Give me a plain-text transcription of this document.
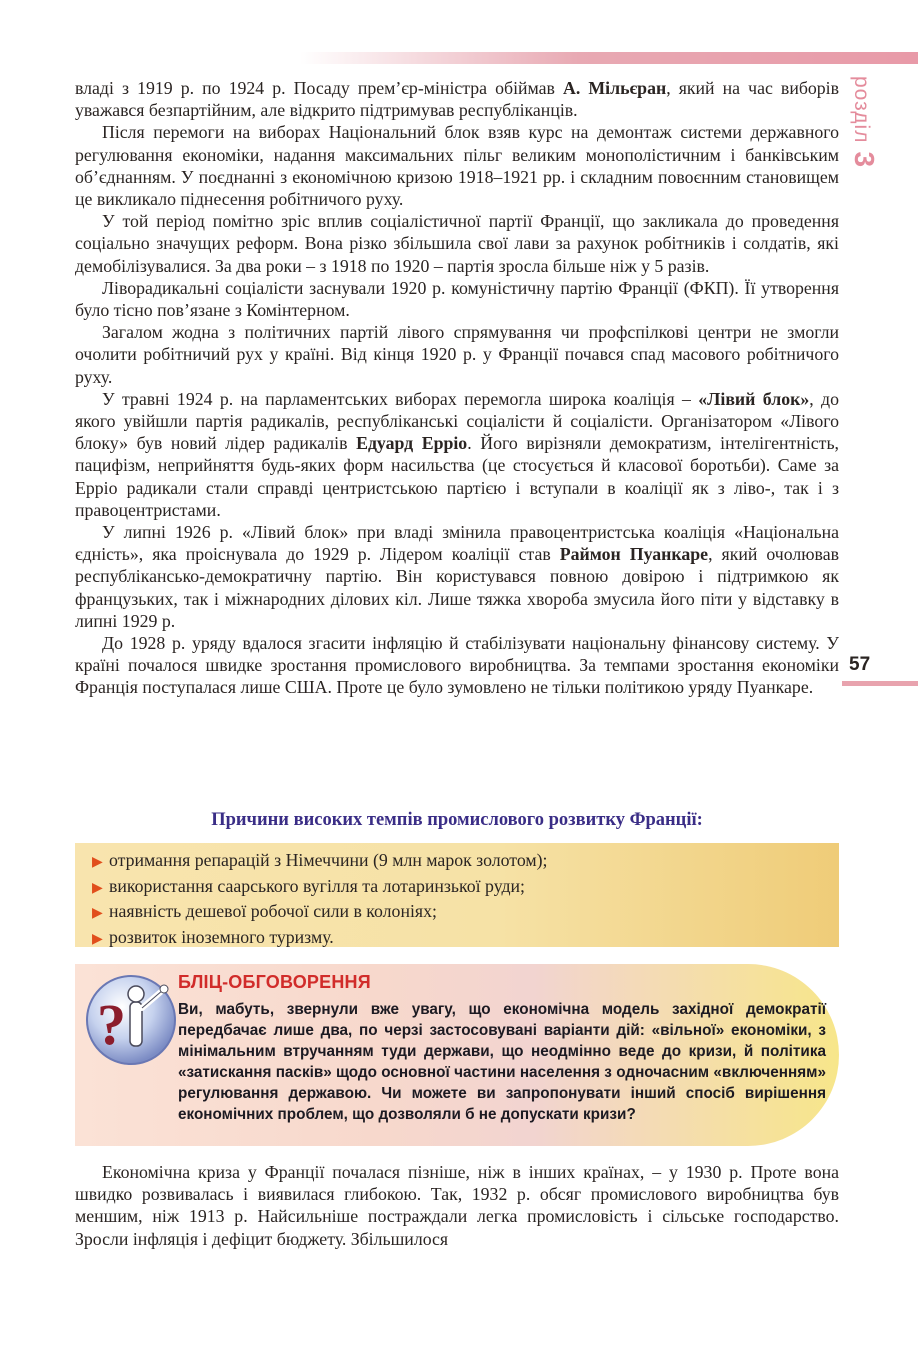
розділ3
57

владі з 1919 р. по 1924 р. Посаду прем’єр-міністра обіймав А. Мільєран, який на час виборів уважався безпартійним, але відкрито підтримував республіканців.

Після перемоги на виборах Національний блок взяв курс на демонтаж системи державного регулювання економіки, надання максимальних пільг великим монополістичним і банківським об’єднанням. У поєднанні з економічною кризою 1918–1921 рр. і складним повоєнним становищем це викликало піднесення робітничого руху.

У той період помітно зріс вплив соціалістичної партії Франції, що закликала до проведення соціально значущих реформ. Вона різко збільшила свої лави за рахунок робітників і солдатів, які демобілізувалися. За два роки – з 1918 по 1920 – партія зросла більше ніж у 5 разів.

Ліворадикальні соціалісти заснували 1920 р. комуністичну партію Франції (ФКП). Її утворення було тісно пов’язане з Комінтерном.

Загалом жодна з політичних партій лівого спрямування чи профспілкові центри не змогли очолити робітничий рух у країні. Від кінця 1920 р. у Франції почався спад масового робітничого руху.

У травні 1924 р. на парламентських виборах перемогла широка коаліція – «Лівий блок», до якого увійшли партія радикалів, республіканські соціалісти й соціалісти. Організатором «Лівого блоку» був новий лідер радикалів Едуард Ерріо. Його вирізняли демократизм, інтелігентність, пацифізм, неприйняття будь-яких форм насильства (це стосується й класової боротьби). Саме за Ерріо радикали стали справді центристською партією і вступали в коаліції як з ліво-, так і з правоцентристами.

У липні 1926 р. «Лівий блок» при владі змінила правоцентристська коаліція «Національна єдність», яка проіснувала до 1929 р. Лідером коаліції став Раймон Пуанкаре, який очолював республікансько-демократичну партію. Він користувався повною довірою і підтримкою як французьких, так і міжнародних ділових кіл. Лише тяжка хвороба змусила його піти у відставку в липні 1929 р.

До 1928 р. уряду вдалося згасити інфляцію й стабілізувати національну фінансову систему. У країні почалося швидке зростання промислового виробництва. За темпами зростання економіки Франція поступалася лише США. Проте це було зумовлено не тільки політикою уряду Пуанкаре.

Причини високих темпів промислового розвитку Франції:
▶ отримання репарацій з Німеччини (9 млн марок золотом);
▶ використання саарського вугілля та лотаринзької руди;
▶ наявність дешевої робочої сили в колоніях;
▶ розвиток іноземного туризму.
?
БЛІЦ-ОБГОВОРЕННЯ

Ви, мабуть, звернули вже увагу, що економічна модель західної демократії передбачає лише два, по черзі застосовувані варіанти дій: «вільної» економіки, з мінімальним втручанням туди держави, що неодмінно веде до кризи, й політика «затискання пасків» щодо основної частини населення з одночасним «включенням» регулювання державою. Чи можете ви запропонувати інший спосіб вирішення економічних проблем, що дозволяли б не допускати кризи?

Економічна криза у Франції почалася пізніше, ніж в інших країнах, – у 1930 р. Проте вона швидко розвивалась і виявилася глибокою. Так, 1932 р. обсяг промислового виробництва був меншим, ніж 1913 р. Найсильніше постраждали легка промисловість і сільське господарство. Зросли інфляція і дефіцит бюджету. Збільшилося
